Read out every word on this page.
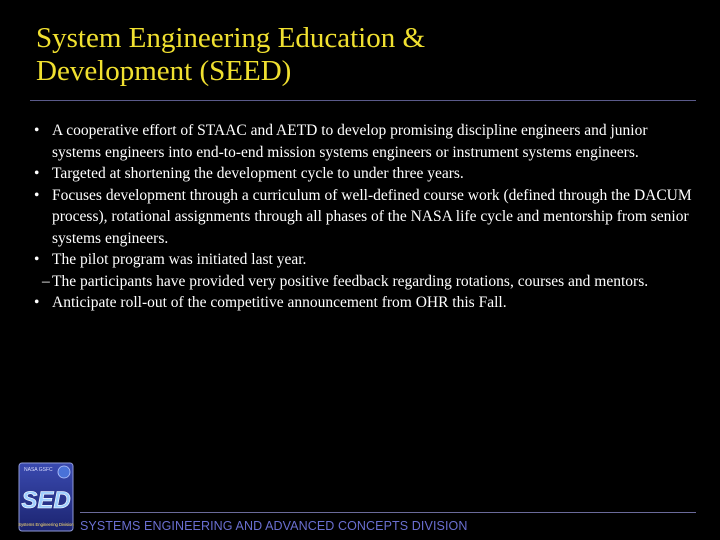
System Engineering Education &
Development (SEED)
• A cooperative effort of STAAC and AETD to develop promising discipline engineers and junior systems engineers into end-to-end mission systems engineers or instrument systems engineers.
• Targeted at shortening the development cycle to under three years.
• Focuses development through a curriculum of well-defined course work (defined through the DACUM process), rotational assignments through all phases of the NASA life cycle and mentorship from senior systems engineers.
• The pilot program was initiated last year.
– The participants have provided very positive feedback regarding rotations, courses and mentors.
• Anticipate roll-out of the competitive announcement from OHR this Fall.
NASA GSFC
SED
Systems Engineering Division SYSTEMS ENGINEERING AND ADVANCED CONCEPTS DIVISION
